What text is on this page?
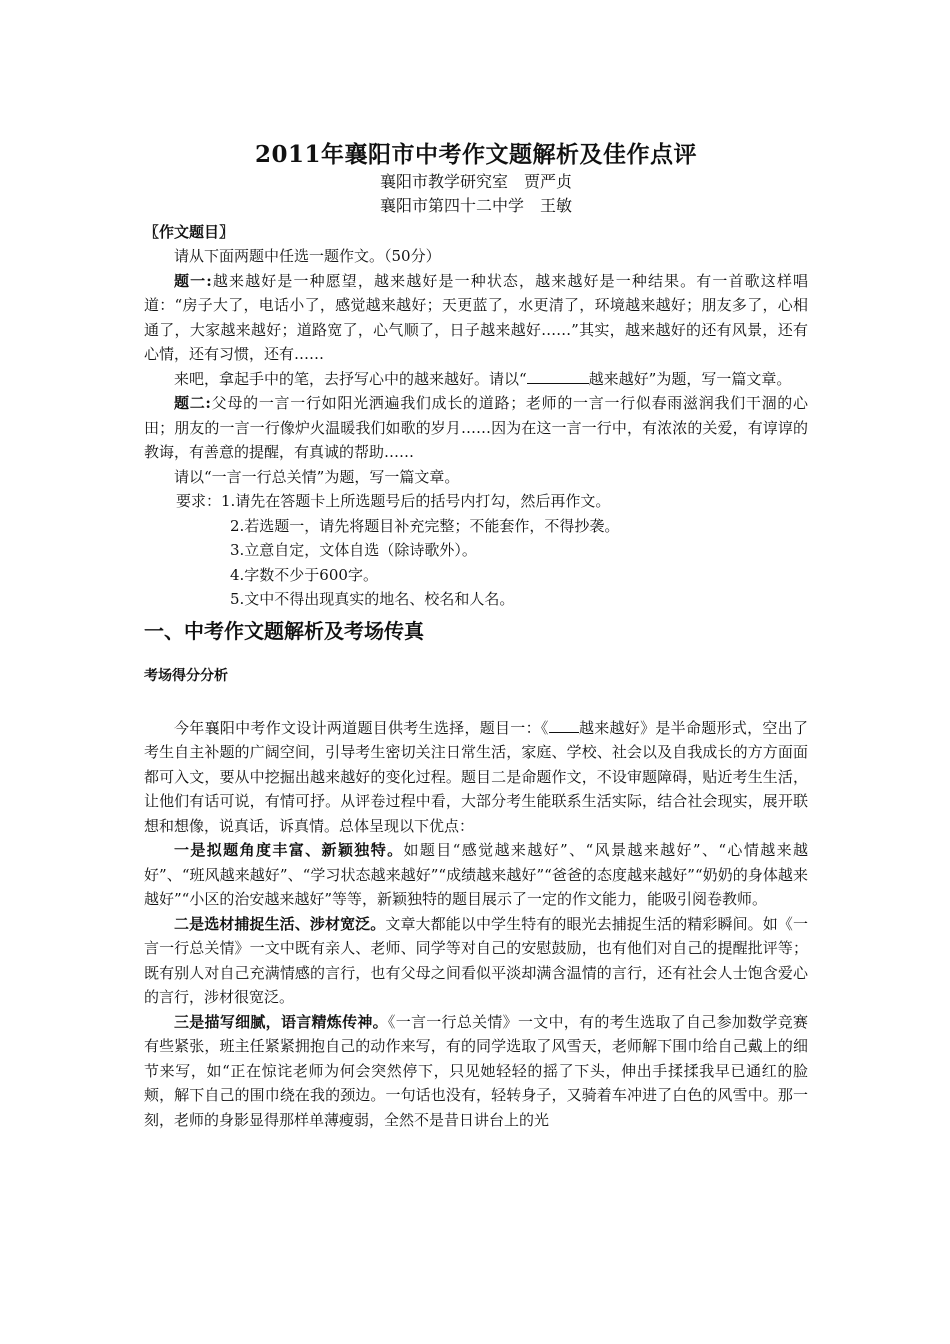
2011年襄阳市中考作文题解析及佳作点评

襄阳市教学研究室　贾严贞

襄阳市第四十二中学　王敏

〖作文题目〗

请从下面两题中任选一题作文。（50分）

题一:越来越好是一种愿望，越来越好是一种状态，越来越好是一种结果。有一首歌这样唱道：“房子大了，电话小了，感觉越来越好；天更蓝了，水更清了，环境越来越好；朋友多了，心相通了，大家越来越好；道路宽了，心气顺了，日子越来越好……”其实，越来越好的还有风景，还有心情，还有习惯，还有……

来吧，拿起手中的笔，去抒写心中的越来越好。请以“	越来越好”为题，写一篇文章。

题二:父母的一言一行如阳光洒遍我们成长的道路；老师的一言一行似春雨滋润我们干涸的心田；朋友的一言一行像炉火温暖我们如歌的岁月……因为在这一言一行中，有浓浓的关爱，有谆谆的教诲，有善意的提醒，有真诚的帮助……

请以“一言一行总关情”为题，写一篇文章。

要求：1.请先在答题卡上所选题号后的括号内打勾，然后再作文。

2.若选题一，请先将题目补充完整；不能套作，不得抄袭。

3.立意自定，文体自选（除诗歌外）。

4.字数不少于600字。

5.文中不得出现真实的地名、校名和人名。

一、中考作文题解析及考场传真
考场得分分析

今年襄阳中考作文设计两道题目供考生选择，题目一：《 越来越好》是半命题形式，空出了考生自主补题的广阔空间，引导考生密切关注日常生活，家庭、学校、社会以及自我成长的方方面面都可入文，要从中挖掘出越来越好的变化过程。题目二是命题作文，不设审题障碍，贴近考生生活，让他们有话可说，有情可抒。从评卷过程中看，大部分考生能联系生活实际，结合社会现实，展开联想和想像，说真话，诉真情。总体呈现以下优点：

一是拟题角度丰富、新颖独特。如题目“感觉越来越好”、“风景越来越好”、“心情越来越好”、“班风越来越好”、“学习状态越来越好”“成绩越来越好”“爸爸的态度越来越好”“奶奶的身体越来越好”“小区的治安越来越好”等等，新颖独特的题目展示了一定的作文能力，能吸引阅卷教师。

二是选材捕捉生活、涉材宽泛。文章大都能以中学生特有的眼光去捕捉生活的精彩瞬间。如《一言一行总关情》一文中既有亲人、老师、同学等对自己的安慰鼓励，也有他们对自己的提醒批评等；既有别人对自己充满情感的言行，也有父母之间看似平淡却满含温情的言行，还有社会人士饱含爱心的言行，涉材很宽泛。

三是描写细腻，语言精炼传神。《一言一行总关情》一文中，有的考生选取了自己参加数学竞赛有些紧张，班主任紧紧拥抱自己的动作来写，有的同学选取了风雪天，老师解下围巾给自己戴上的细节来写，如“正在惊诧老师为何会突然停下，只见她轻轻的摇了下头，伸出手揉揉我早已通红的脸颊，解下自己的围巾绕在我的颈边。一句话也没有，轻转身子，又骑着车冲进了白色的风雪中。那一刻，老师的身影显得那样单薄瘦弱，全然不是昔日讲台上的光
